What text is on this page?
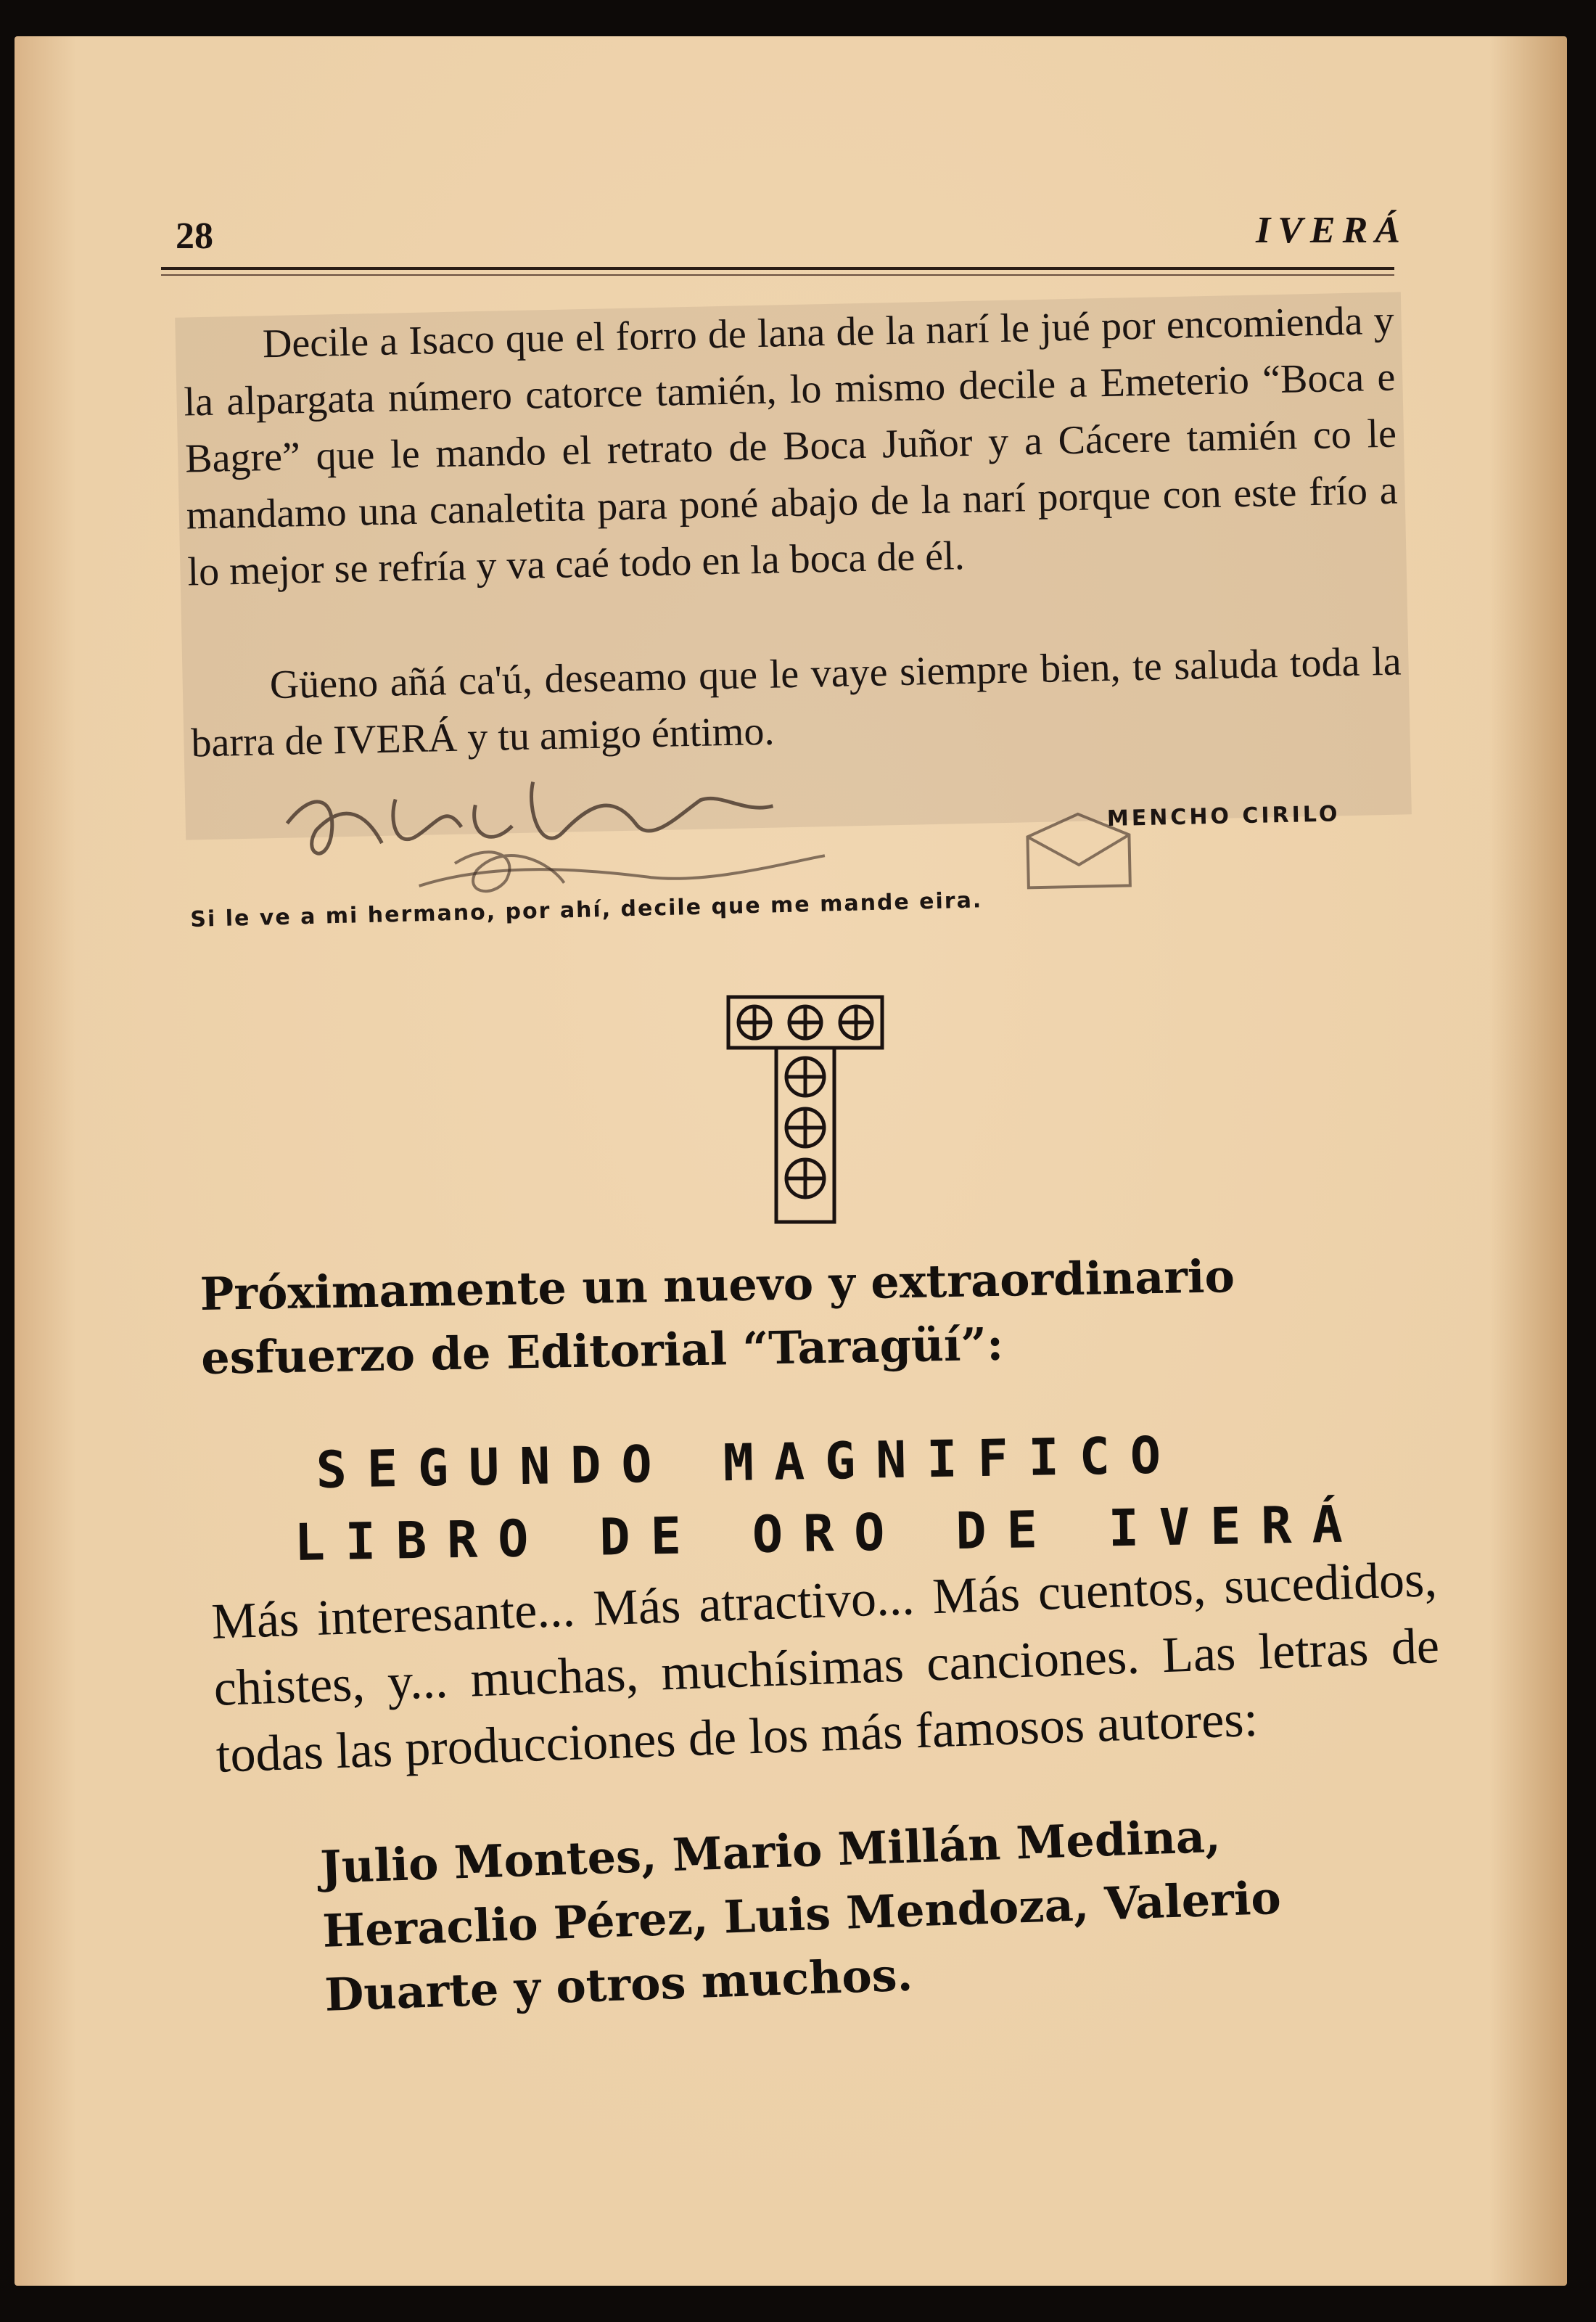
28	IVERÁ

Decile a Isaco que el forro de lana de la narí le jué por encomienda y la alpargata número catorce tamién, lo mismo decile a Emeterio “Boca e Bagre” que le mando el retrato de Boca Juñor y a Cácere tamién co le mandamo una canaletita para poné abajo de la narí porque con este frío a lo mejor se refría y va caé todo en la boca de él.

Güeno añá ca'ú, deseamo que le vaye siempre bien, te saluda toda la barra de IVERÁ y tu amigo éntimo.

MENCHO CIRILO

Si le ve a mi hermano, por ahí, decile que me mande eira.

Próximamente un nuevo y extraordinario esfuerzo de Editorial “Taragüí”:

SEGUNDO MAGNIFICO
LIBRO DE ORO DE IVERÁ

Más interesante... Más atractivo... Más cuentos, sucedidos, chistes, y... muchas, muchísimas canciones. Las letras de todas las producciones de los más famosos autores:

Julio Montes, Mario Millán Medina, Heraclio Pérez, Luis Mendoza, Valerio Duarte y otros muchos.
